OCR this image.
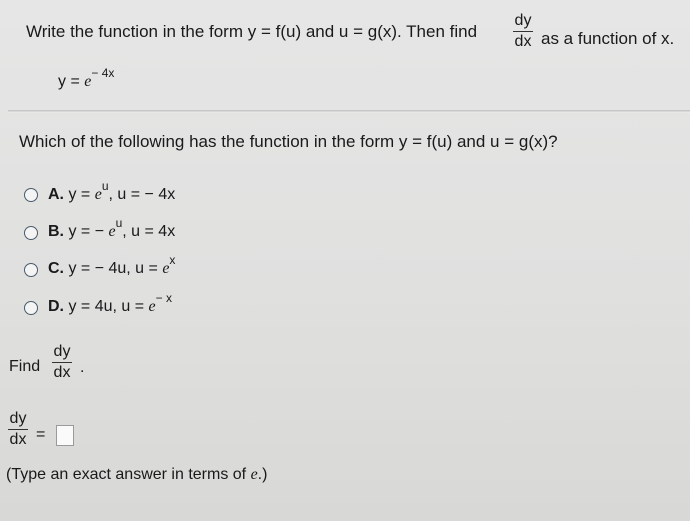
Write the function in the form y = f(u) and u = g(x). Then find
dy
dx as a function of x.
$y = e^{- 4x}$
Which of the following has the function in the form y = f(u) and u = g(x)?
A. $y = e^u$, u = − 4x
B. y = − $e^u$, u = 4x
C. y = − 4u, $u = e^x$
D. y = 4u, $u = e^{- x}$
Find
dy
dx .
dy
dx =
(Type an exact answer in terms of e.)
